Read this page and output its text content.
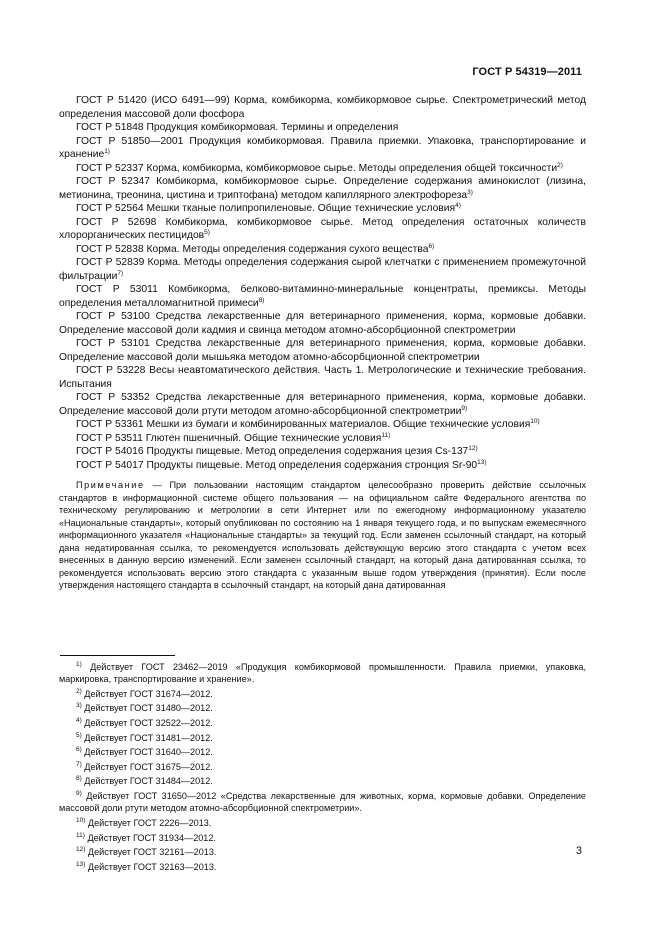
ГОСТ Р 54319—2011

ГОСТ Р 51420 (ИСО 6491—99) Корма, комбикорма, комбикормовое сырье. Спектрометрический метод определения массовой доли фосфора

ГОСТ Р 51848 Продукция комбикормовая. Термины и определения

ГОСТ Р 51850—2001 Продукция комбикормовая. Правила приемки. Упаковка, транспортирование и хранение$^{1)}$

ГОСТ Р 52337 Корма, комбикорма, комбикормовое сырье. Методы определения общей токсичности$^{2)}$

ГОСТ Р 52347 Комбикорма, комбикормовое сырье. Определение содержания аминокислот (лизина, метионина, треонина, цистина и триптофана) методом капиллярного электрофореза$^{3)}$

ГОСТ Р 52564 Мешки тканые полипропиленовые. Общие технические условия$^{4)}$

ГОСТ Р 52698 Комбикорма, комбикормовое сырье. Метод определения остаточных количеств хлорорганических пестицидов$^{5)}$

ГОСТ Р 52838 Корма. Методы определения содержания сухого вещества$^{6)}$

ГОСТ Р 52839 Корма. Методы определения содержания сырой клетчатки с применением промежуточной фильтрации$^{7)}$

ГОСТ Р 53011 Комбикорма, белково-витаминно-минеральные концентраты, премиксы. Методы определения металломагнитной примеси$^{8)}$

ГОСТ Р 53100 Средства лекарственные для ветеринарного применения, корма, кормовые добавки. Определение массовой доли кадмия и свинца методом атомно-абсорбционной спектрометрии

ГОСТ Р 53101 Средства лекарственные для ветеринарного применения, корма, кормовые добавки. Определение массовой доли мышьяка методом атомно-абсорбционной спектрометрии

ГОСТ Р 53228 Весы неавтоматического действия. Часть 1. Метрологические и технические требования. Испытания

ГОСТ Р 53352 Средства лекарственные для ветеринарного применения, корма, кормовые добавки. Определение массовой доли ртути методом атомно-абсорбционной спектрометрии$^{9)}$

ГОСТ Р 53361 Мешки из бумаги и комбинированных материалов. Общие технические условия$^{10)}$

ГОСТ Р 53511 Глютен пшеничный. Общие технические условия$^{11)}$

ГОСТ Р 54016 Продукты пищевые. Метод определения содержания цезия Cs-137$^{12)}$

ГОСТ Р 54017 Продукты пищевые. Метод определения содержания стронция Sr-90$^{13)}$

Примечание — При пользовании настоящим стандартом целесообразно проверить действие ссылочных стандартов в информационной системе общего пользования — на официальном сайте Федерального агентства по техническому регулированию и метрологии в сети Интернет или по ежегодному информационному указателю «Национальные стандарты», который опубликован по состоянию на 1 января текущего года, и по выпускам ежемесячного информационного указателя «Национальные стандарты» за текущий год. Если заменен ссылочный стандарт, на который дана недатированная ссылка, то рекомендуется использовать действующую версию этого стандарта с учетом всех внесенных в данную версию изменений. Если заменен ссылочный стандарт, на который дана датированная ссылка, то рекомендуется использовать версию этого стандарта с указанным выше годом утверждения (принятия). Если после утверждения настоящего стандарта в ссылочный стандарт, на который дана датированная

$^{1)}$ Действует ГОСТ 23462—2019 «Продукция комбикормовой промышленности. Правила приемки, упаковка, маркировка, транспортирование и хранение».

$^{2)}$ Действует ГОСТ 31674—2012.

$^{3)}$ Действует ГОСТ 31480—2012.

$^{4)}$ Действует ГОСТ 32522—2012.

$^{5)}$ Действует ГОСТ 31481—2012.

$^{6)}$ Действует ГОСТ 31640—2012.

$^{7)}$ Действует ГОСТ 31675—2012.

$^{8)}$ Действует ГОСТ 31484—2012.

$^{9)}$ Действует ГОСТ 31650—2012 «Средства лекарственные для животных, корма, кормовые добавки. Определение массовой доли ртути методом атомно-абсорбционной спектрометрии».

$^{10)}$ Действует ГОСТ 2226—2013.

$^{11)}$ Действует ГОСТ 31934—2012.

$^{12)}$ Действует ГОСТ 32161—2013.

$^{13)}$ Действует ГОСТ 32163—2013.

3
